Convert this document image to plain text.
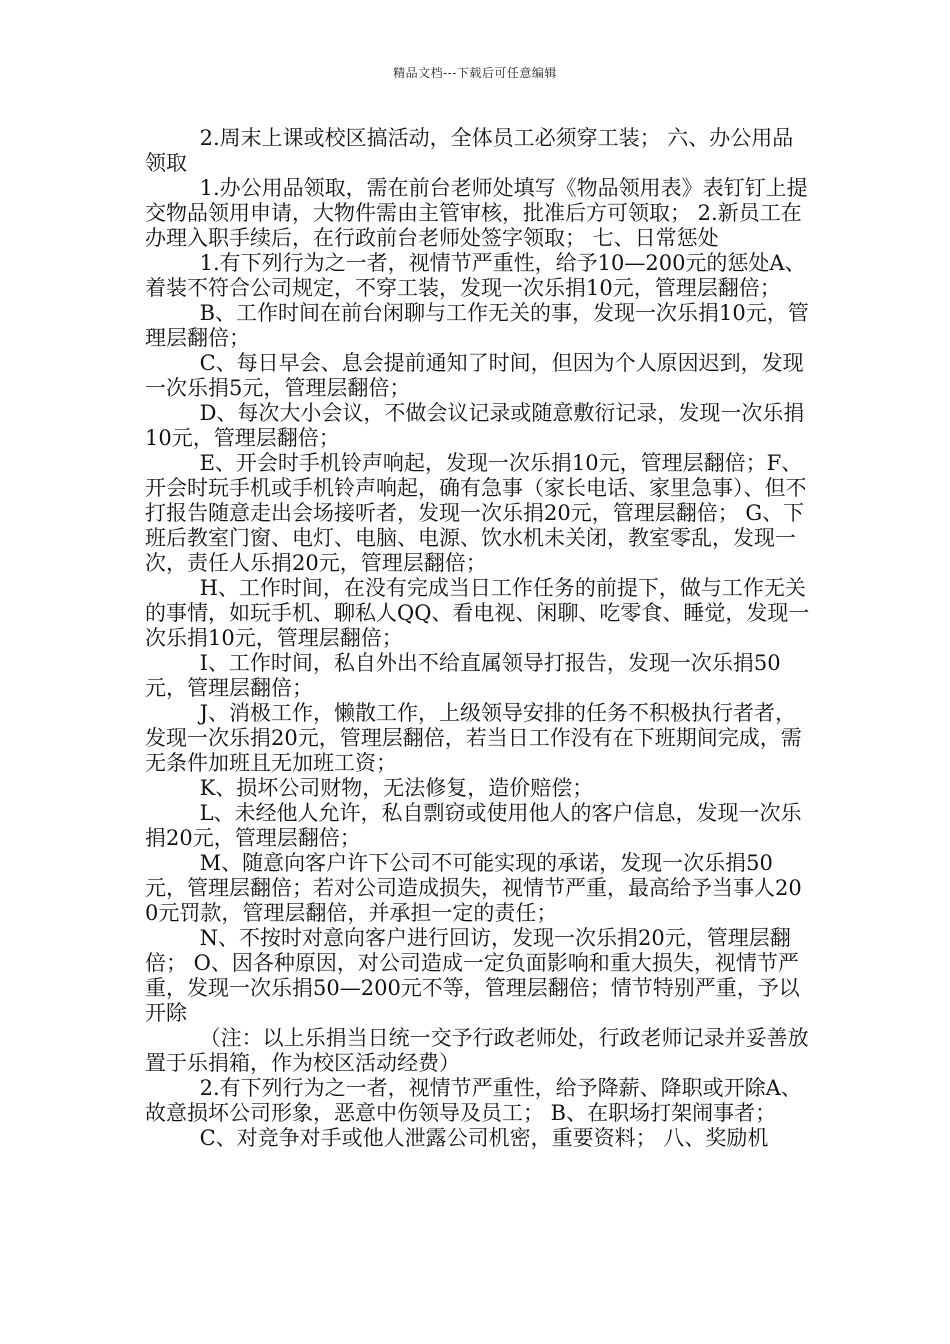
精品文档---下载后可任意编辑

2.周末上课或校区搞活动，全体员工必须穿工装； 六、办公用品领取

1.办公用品领取，需在前台老师处填写《物品领用表》表钉钉上提交物品领用申请，大物件需由主管审核，批准后方可领取； 2.新员工在办理入职手续后，在行政前台老师处签字领取； 七、日常惩处

1.有下列行为之一者，视情节严重性，给予10—200元的惩处A、着装不符合公司规定，不穿工装，发现一次乐捐10元，管理层翻倍；

B、工作时间在前台闲聊与工作无关的事，发现一次乐捐10元，管理层翻倍；

C、每日早会、息会提前通知了时间，但因为个人原因迟到，发现一次乐捐5元，管理层翻倍；

D、每次大小会议，不做会议记录或随意敷衍记录，发现一次乐捐10元，管理层翻倍；

E、开会时手机铃声响起，发现一次乐捐10元，管理层翻倍；F、开会时玩手机或手机铃声响起，确有急事（家长电话、家里急事）、但不打报告随意走出会场接听者，发现一次乐捐20元，管理层翻倍； G、下班后教室门窗、电灯、电脑、电源、饮水机未关闭，教室零乱，发现一次，责任人乐捐20元，管理层翻倍；

H、工作时间，在没有完成当日工作任务的前提下，做与工作无关的事情，如玩手机、聊私人QQ、看电视、闲聊、吃零食、睡觉，发现一次乐捐10元，管理层翻倍；

I、工作时间，私自外出不给直属领导打报告，发现一次乐捐50元，管理层翻倍；

J、消极工作，懒散工作，上级领导安排的任务不积极执行者者，发现一次乐捐20元，管理层翻倍，若当日工作没有在下班期间完成，需无条件加班且无加班工资；

K、损坏公司财物，无法修复，造价赔偿；

L、未经他人允许，私自剽窃或使用他人的客户信息，发现一次乐捐20元，管理层翻倍；

M、随意向客户许下公司不可能实现的承诺，发现一次乐捐50元，管理层翻倍；若对公司造成损失，视情节严重，最高给予当事人200元罚款，管理层翻倍，并承担一定的责任；

N、不按时对意向客户进行回访，发现一次乐捐20元，管理层翻倍； O、因各种原因，对公司造成一定负面影响和重大损失，视情节严重，发现一次乐捐50—200元不等，管理层翻倍；情节特别严重，予以开除

（注：以上乐捐当日统一交予行政老师处，行政老师记录并妥善放置于乐捐箱，作为校区活动经费）

2.有下列行为之一者，视情节严重性，给予降薪、降职或开除A、故意损坏公司形象，恶意中伤领导及员工； B、在职场打架闹事者；

C、对竞争对手或他人泄露公司机密，重要资料； 八、奖励机
